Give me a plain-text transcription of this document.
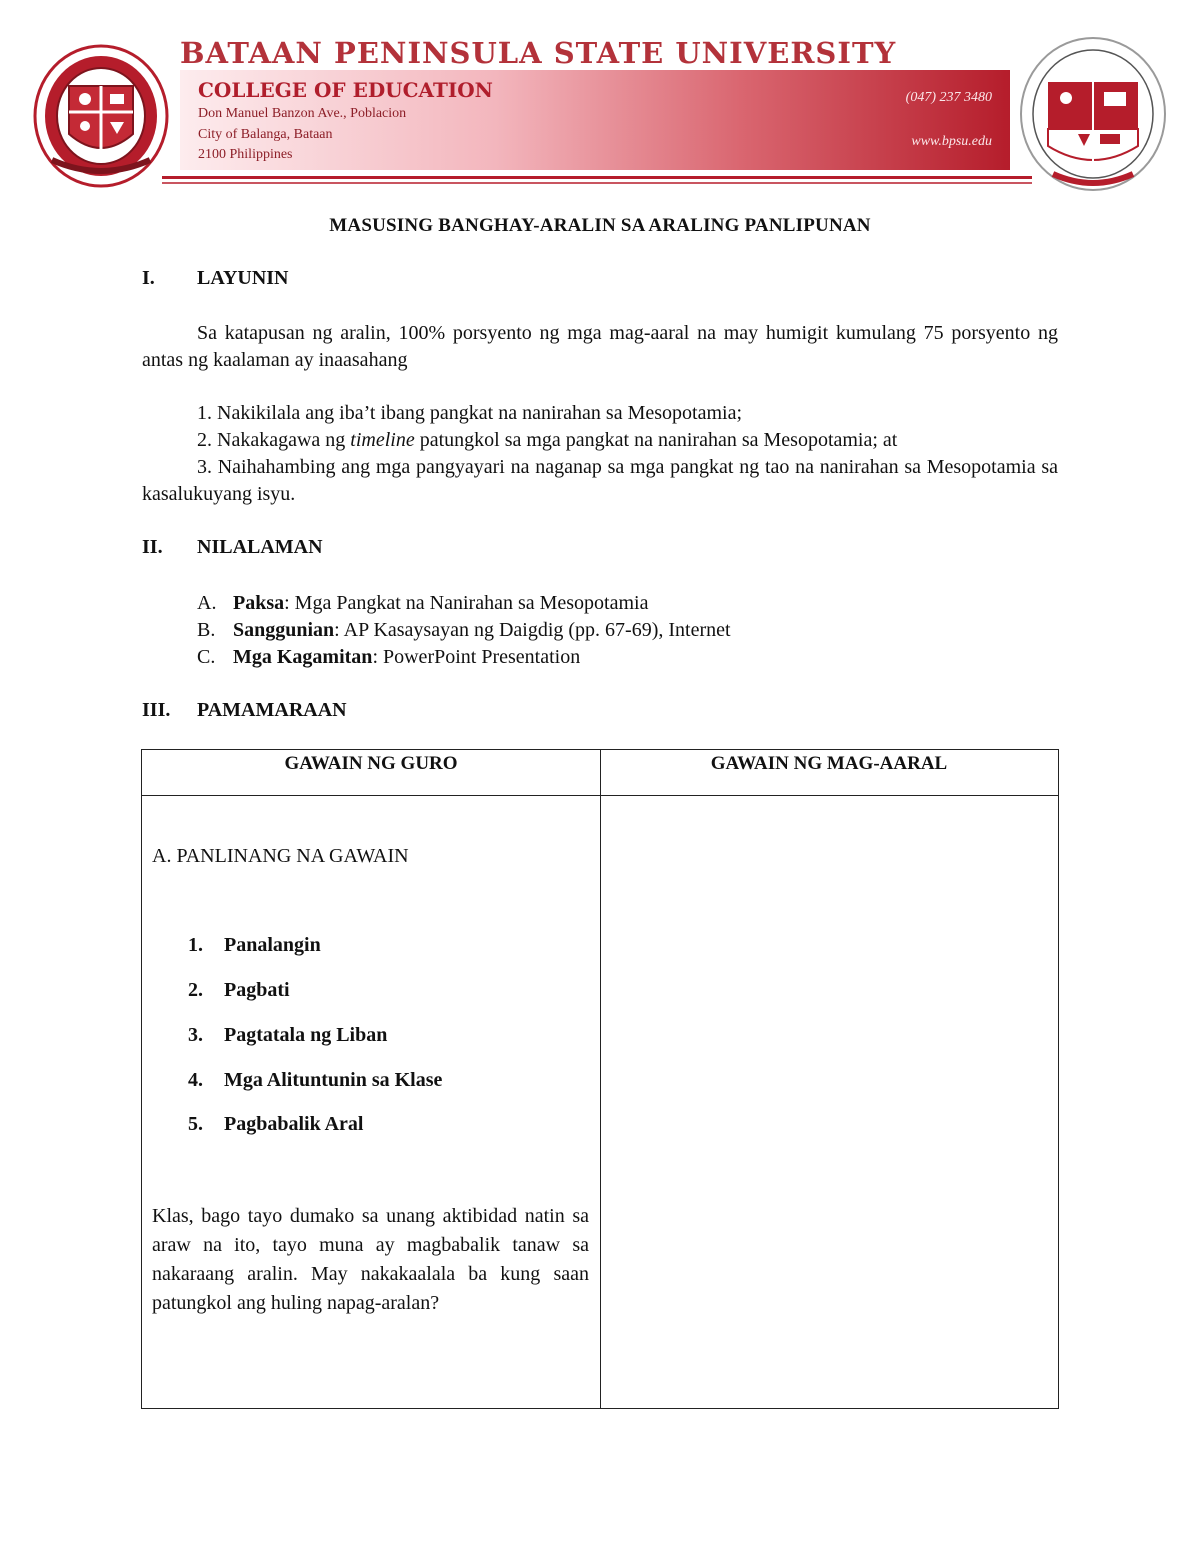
BATAAN PENINSULA STATE UNIVERSITY
COLLEGE OF EDUCATION
Don Manuel Banzon Ave., Poblacion
City of Balanga, Bataan
2100 Philippines
(047) 237 3480
www.bpsu.edu
MASUSING BANGHAY-ARALIN SA ARALING PANLIPUNAN
I. LAYUNIN
Sa katapusan ng aralin, 100% porsyento ng mga mag-aaral na may humigit kumulang 75 porsyento ng antas ng kaalaman ay inaasahang
1. Nakikilala ang iba’t ibang pangkat na nanirahan sa Mesopotamia;
2. Nakakagawa ng timeline patungkol sa mga pangkat na nanirahan sa Mesopotamia; at
3. Naihahambing ang mga pangyayari na naganap sa mga pangkat ng tao na nanirahan sa Mesopotamia sa kasalukuyang isyu.
II. NILALAMAN
A. Paksa: Mga Pangkat na Nanirahan sa Mesopotamia
B. Sanggunian: AP Kasaysayan ng Daigdig (pp. 67-69), Internet
C. Mga Kagamitan: PowerPoint Presentation
III. PAMAMARAAN
GAWAIN NG GURO	GAWAIN NG MAG-AARAL
A. PANLINANG NA GAWAIN
1. Panalangin
2. Pagbati
3. Pagtatala ng Liban
4. Mga Alituntunin sa Klase
5. Pagbabalik Aral
Klas, bago tayo dumako sa unang aktibidad natin sa araw na ito, tayo muna ay magbabalik tanaw sa nakaraang aralin. May nakakaalala ba kung saan patungkol ang huling napag-aralan?
